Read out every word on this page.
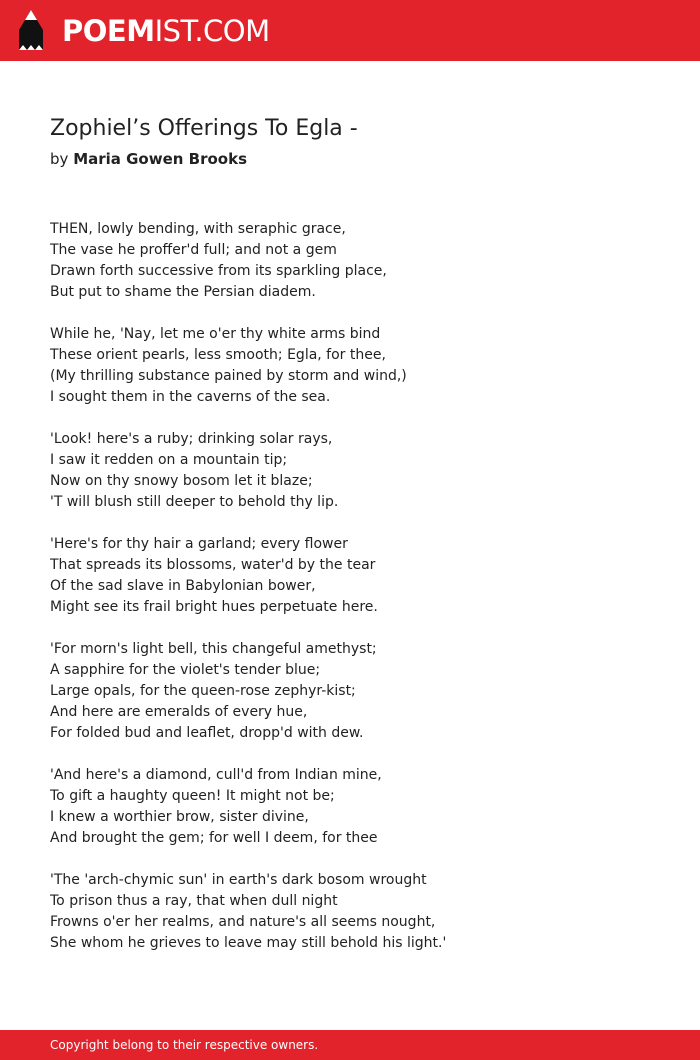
POEMIST.COM
Zophiel’s Offerings To Egla -
by Maria Gowen Brooks
THEN, lowly bending, with seraphic grace,
The vase he proffer'd full; and not a gem
Drawn forth successive from its sparkling place,
But put to shame the Persian diadem.
While he, 'Nay, let me o'er thy white arms bind
These orient pearls, less smooth; Egla, for thee,
(My thrilling substance pained by storm and wind,)
I sought them in the caverns of the sea.
'Look! here's a ruby; drinking solar rays,
I saw it redden on a mountain tip;
Now on thy snowy bosom let it blaze;
'T will blush still deeper to behold thy lip.
'Here's for thy hair a garland; every flower
That spreads its blossoms, water'd by the tear
Of the sad slave in Babylonian bower,
Might see its frail bright hues perpetuate here.
'For morn's light bell, this changeful amethyst;
A sapphire for the violet's tender blue;
Large opals, for the queen-rose zephyr-kist;
And here are emeralds of every hue,
For folded bud and leaflet, dropp'd with dew.
'And here's a diamond, cull'd from Indian mine,
To gift a haughty queen! It might not be;
I knew a worthier brow, sister divine,
And brought the gem; for well I deem, for thee
'The 'arch-chymic sun' in earth's dark bosom wrought
To prison thus a ray, that when dull night
Frowns o'er her realms, and nature's all seems nought,
She whom he grieves to leave may still behold his light.'
Copyright belong to their respective owners.
